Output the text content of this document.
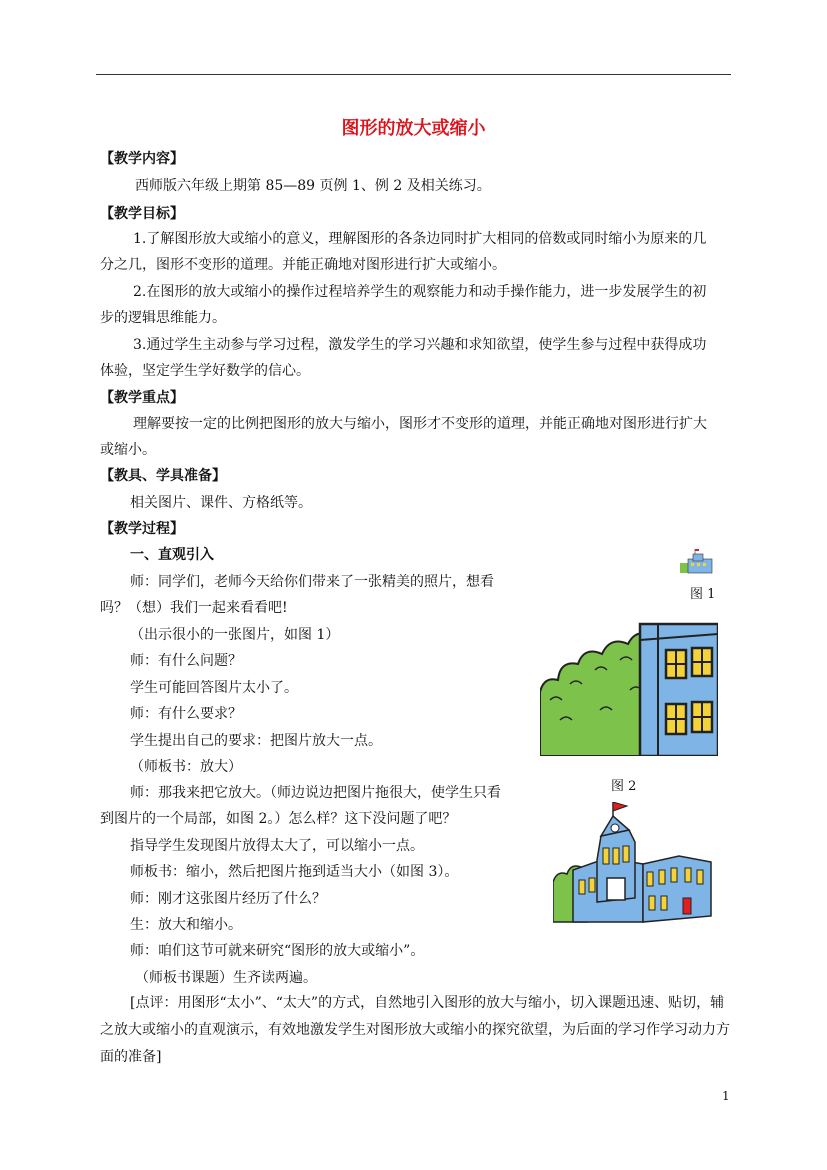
图形的放大或缩小
【教学内容】
西师版六年级上期第 85—89 页例 1、例 2 及相关练习。
【教学目标】
1.了解图形放大或缩小的意义，理解图形的各条边同时扩大相同的倍数或同时缩小为原来的几
分之几，图形不变形的道理。并能正确地对图形进行扩大或缩小。
2.在图形的放大或缩小的操作过程培养学生的观察能力和动手操作能力，进一步发展学生的初
步的逻辑思维能力。
3.通过学生主动参与学习过程，激发学生的学习兴趣和求知欲望，使学生参与过程中获得成功
体验，坚定学生学好数学的信心。
【教学重点】
理解要按一定的比例把图形的放大与缩小，图形才不变形的道理，并能正确地对图形进行扩大
或缩小。
【教具、学具准备】
相关图片、课件、方格纸等。
【教学过程】
一、直观引入
师：同学们，老师今天给你们带来了一张精美的照片，想看
吗？（想）我们一起来看看吧!
（出示很小的一张图片，如图 1）
师：有什么问题？
学生可能回答图片太小了。
师：有什么要求？
学生提出自己的要求：把图片放大一点。
（师板书：放大）
师：那我来把它放大。（师边说边把图片拖很大，使学生只看
到图片的一个局部，如图 2。）怎么样？这下没问题了吧？
指导学生发现图片放得太大了，可以缩小一点。
师板书：缩小，然后把图片拖到适当大小（如图 3）。
师：刚才这张图片经历了什么？
生：放大和缩小。
师：咱们这节可就来研究“图形的放大或缩小”。
（师板书课题）生齐读两遍。
[点评：用图形“太小”、“太大”的方式，自然地引入图形的放大与缩小，切入课题迅速、贴切，辅之放大或缩小的直观演示，有效地激发学生对图形放大或缩小的探究欲望，为后面的学习作学习动力方面的准备]
图 1
图 2
1
